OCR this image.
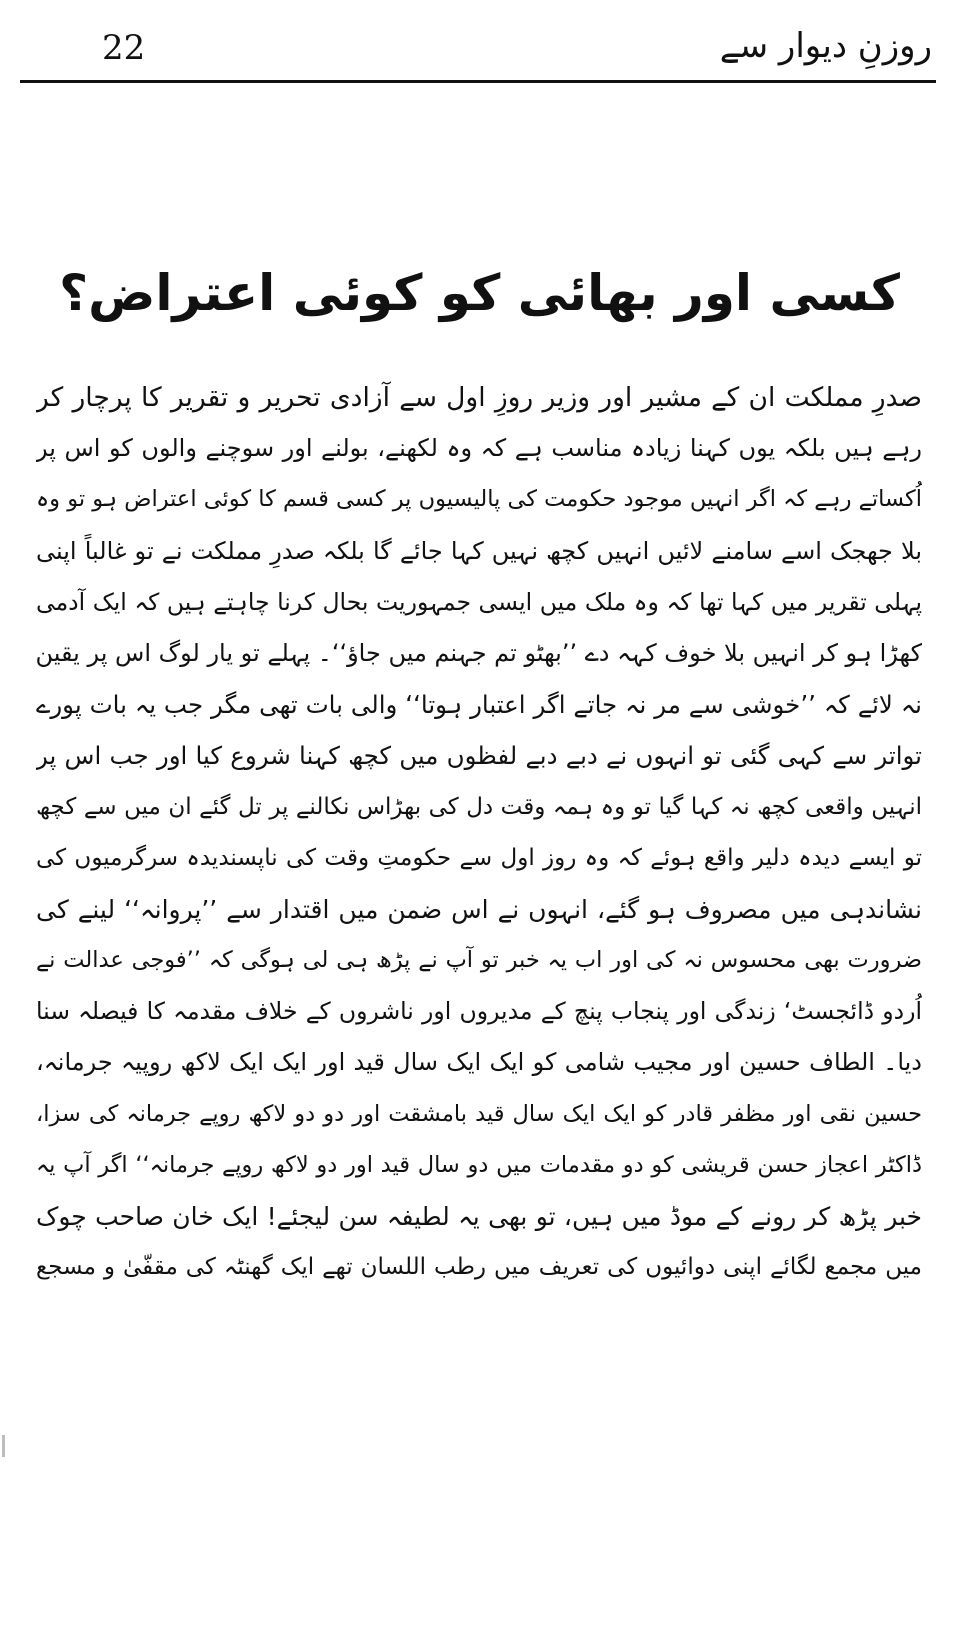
22	روزنِ دیوار سے
کسی اور بھائی کو کوئی اعتراض؟
صدرِ مملکت ان کے مشیر اور وزیر روزِ اول سے آزادی تحریر و تقریر کا پرچار کر
رہے ہیں بلکہ یوں کہنا زیادہ مناسب ہے کہ وہ لکھنے، بولنے اور سوچنے والوں کو اس پر
اُکساتے رہے کہ اگر انہیں موجود حکومت کی پالیسیوں پر کسی قسم کا کوئی اعتراض ہو تو وہ
بلا جھجک اسے سامنے لائیں انہیں کچھ نہیں کہا جائے گا بلکہ صدرِ مملکت نے تو غالباً اپنی
پہلی تقریر میں کہا تھا کہ وہ ملک میں ایسی جمہوریت بحال کرنا چاہتے ہیں کہ ایک آدمی
کھڑا ہو کر انہیں بلا خوف کہہ دے ’’بھٹو تم جہنم میں جاؤ‘‘۔ پہلے تو یار لوگ اس پر یقین
نہ لائے کہ ’’خوشی سے مر نہ جاتے اگر اعتبار ہوتا‘‘ والی بات تھی مگر جب یہ بات پورے
تواتر سے کہی گئی تو انہوں نے دبے دبے لفظوں میں کچھ کہنا شروع کیا اور جب اس پر
انہیں واقعی کچھ نہ کہا گیا تو وہ ہمہ وقت دل کی بھڑاس نکالنے پر تل گئے ان میں سے کچھ
تو ایسے دیدہ دلیر واقع ہوئے کہ وہ روز اول سے حکومتِ وقت کی ناپسندیدہ سرگرمیوں کی
نشاندہی میں مصروف ہو گئے، انہوں نے اس ضمن میں اقتدار سے ’’پروانہ‘‘ لینے کی
ضرورت بھی محسوس نہ کی اور اب یہ خبر تو آپ نے پڑھ ہی لی ہوگی کہ ’’فوجی عدالت نے
اُردو ڈائجسٹ‘ زندگی اور پنجاب پنچ کے مدیروں اور ناشروں کے خلاف مقدمہ کا فیصلہ سنا
دیا۔ الطاف حسین اور مجیب شامی کو ایک ایک سال قید اور ایک ایک لاکھ روپیہ جرمانہ،
حسین نقی اور مظفر قادر کو ایک ایک سال قید بامشقت اور دو دو لاکھ روپے جرمانہ کی سزا،
ڈاکٹر اعجاز حسن قریشی کو دو مقدمات میں دو سال قید اور دو لاکھ روپے جرمانہ‘‘ اگر آپ یہ
خبر پڑھ کر رونے کے موڈ میں ہیں، تو بھی یہ لطیفہ سن لیجئے! ایک خان صاحب چوک
میں مجمع لگائے اپنی دوائیوں کی تعریف میں رطب اللسان تھے ایک گھنٹہ کی مقفّیٰ و مسجع
